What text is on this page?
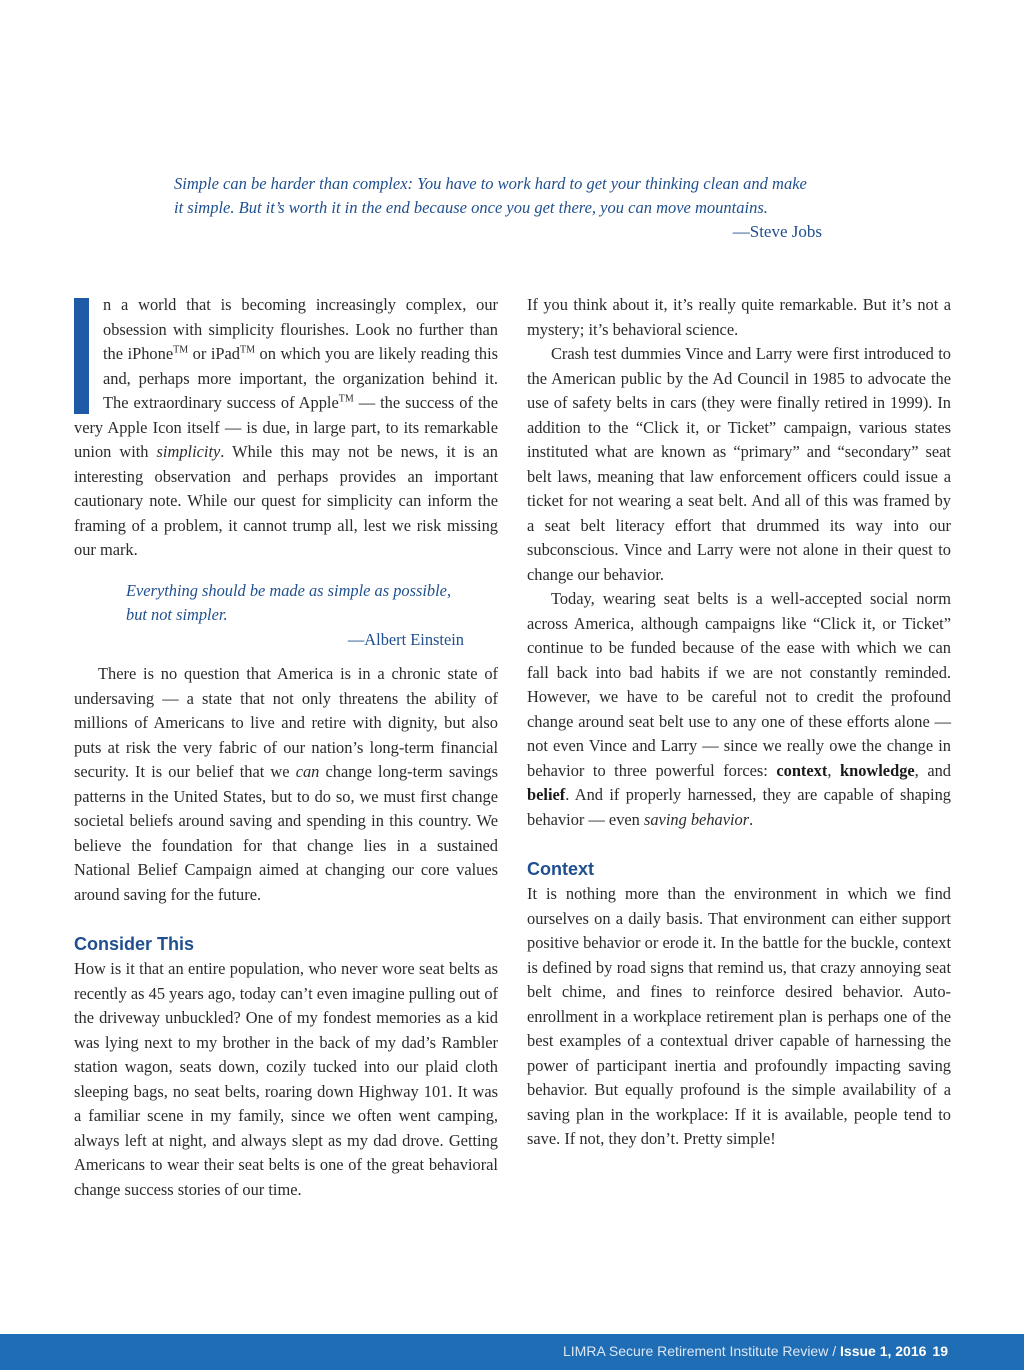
Simple can be harder than complex: You have to work hard to get your thinking clean and make
it simple. But it’s worth it in the end because once you get there, you can move mountains.
—Steve Jobs

n a world that is becoming increasingly complex, our obsession with simplicity flourishes. Look no further than the iPhone™ or iPad™ on which you are likely reading this and, perhaps more important, the organization behind it. The extraordinary success of Apple™ — the success of the very Apple Icon itself — is due, in large part, to its remarkable union with simplicity. While this may not be news, it is an interesting observation and perhaps provides an important cautionary note. While our quest for simplicity can inform the framing of a problem, it cannot trump all, lest we risk missing our mark.

Everything should be made as simple as possible,
but not simpler.
—Albert Einstein

There is no question that America is in a chronic state of undersaving — a state that not only threatens the ability of millions of Americans to live and retire with dignity, but also puts at risk the very fabric of our nation’s long-term financial security. It is our belief that we can change long-term savings patterns in the United States, but to do so, we must first change societal beliefs around saving and spending in this country. We believe the foundation for that change lies in a sustained National Belief Campaign aimed at changing our core values around saving for the future.

Consider This

How is it that an entire population, who never wore seat belts as recently as 45 years ago, today can’t even imagine pulling out of the driveway unbuckled? One of my fondest memories as a kid was lying next to my brother in the back of my dad’s Rambler station wagon, seats down, cozily tucked into our plaid cloth sleeping bags, no seat belts, roaring down Highway 101. It was a familiar scene in my family, since we often went camping, always left at night, and always slept as my dad drove. Getting Americans to wear their seat belts is one of the great behavioral change success stories of our time.

If you think about it, it’s really quite remarkable. But it’s not a mystery; it’s behavioral science.

Crash test dummies Vince and Larry were first introduced to the American public by the Ad Council in 1985 to advocate the use of safety belts in cars (they were finally retired in 1999). In addition to the “Click it, or Ticket” campaign, various states instituted what are known as “primary” and “secondary” seat belt laws, meaning that law enforcement officers could issue a ticket for not wearing a seat belt. And all of this was framed by a seat belt literacy effort that drummed its way into our subconscious. Vince and Larry were not alone in their quest to change our behavior.

Today, wearing seat belts is a well-accepted social norm across America, although campaigns like “Click it, or Ticket” continue to be funded because of the ease with which we can fall back into bad habits if we are not constantly reminded. However, we have to be careful not to credit the profound change around seat belt use to any one of these efforts alone — not even Vince and Larry — since we really owe the change in behavior to three powerful forces: context, knowledge, and belief. And if properly harnessed, they are capable of shaping behavior — even saving behavior.

Context

It is nothing more than the environment in which we find ourselves on a daily basis. That environment can either support positive behavior or erode it. In the battle for the buckle, context is defined by road signs that remind us, that crazy annoying seat belt chime, and fines to reinforce desired behavior. Auto-enrollment in a workplace retirement plan is perhaps one of the best examples of a contextual driver capable of harnessing the power of participant inertia and profoundly impacting saving behavior. But equally profound is the simple availability of a saving plan in the workplace: If it is available, people tend to save. If not, they don’t. Pretty simple!

LIMRA Secure Retirement Institute Review / Issue 1, 2016 19
